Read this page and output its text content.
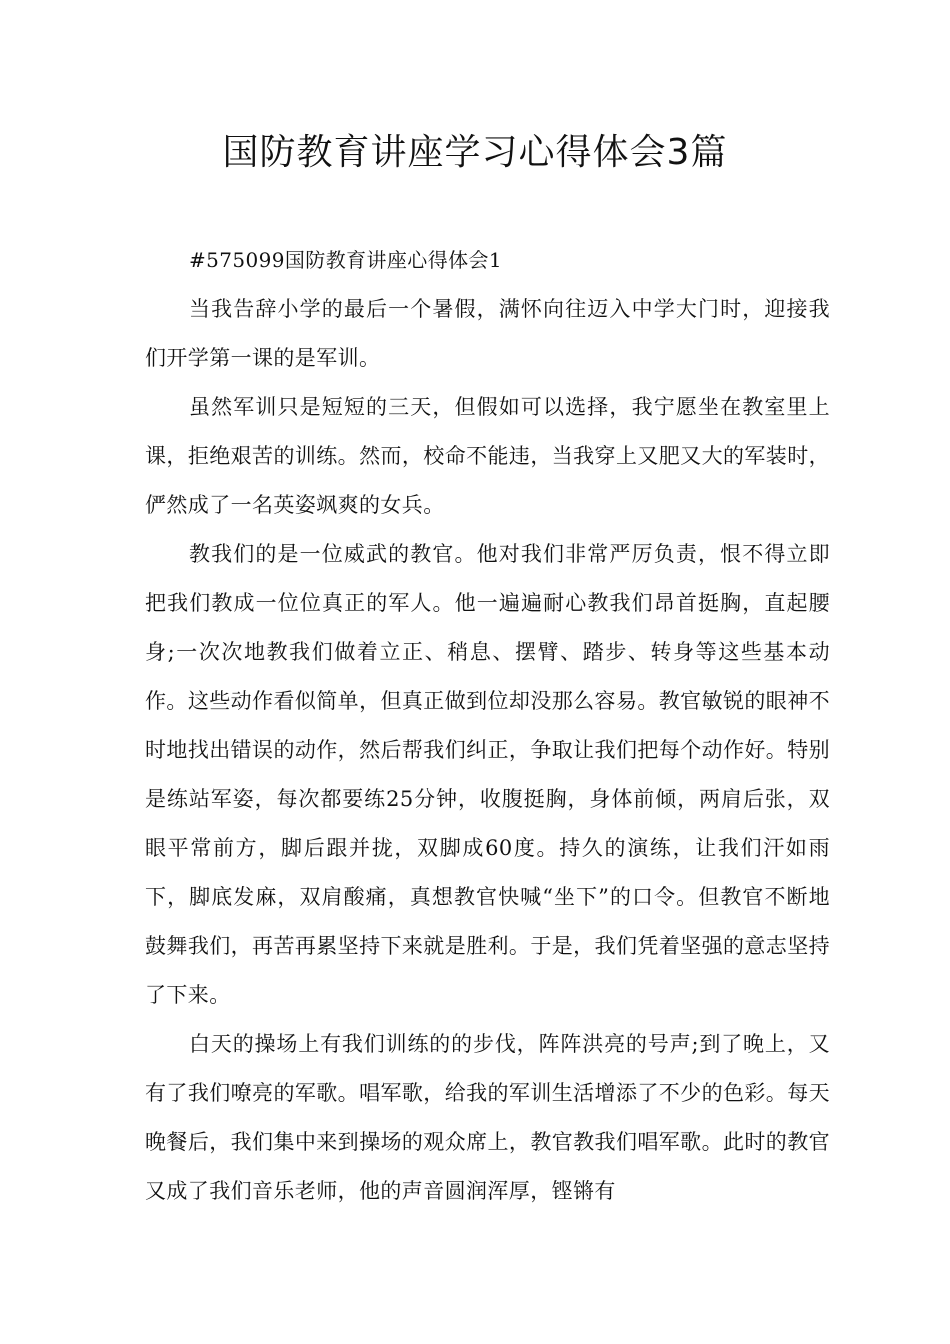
国防教育讲座学习心得体会3篇

#575099国防教育讲座心得体会1

当我告辞小学的最后一个暑假，满怀向往迈入中学大门时，迎接我们开学第一课的是军训。

虽然军训只是短短的三天，但假如可以选择，我宁愿坐在教室里上课，拒绝艰苦的训练。然而，校命不能违，当我穿上又肥又大的军装时，俨然成了一名英姿飒爽的女兵。

教我们的是一位威武的教官。他对我们非常严厉负责，恨不得立即把我们教成一位位真正的军人。他一遍遍耐心教我们昂首挺胸，直起腰身;一次次地教我们做着立正、稍息、摆臂、踏步、转身等这些基本动作。这些动作看似简单，但真正做到位却没那么容易。教官敏锐的眼神不时地找出错误的动作，然后帮我们纠正，争取让我们把每个动作好。特别是练站军姿，每次都要练25分钟，收腹挺胸，身体前倾，两肩后张，双眼平常前方，脚后跟并拢，双脚成60度。持久的演练，让我们汗如雨下，脚底发麻，双肩酸痛，真想教官快喊“坐下”的口令。但教官不断地鼓舞我们，再苦再累坚持下来就是胜利。于是，我们凭着坚强的意志坚持了下来。

白天的操场上有我们训练的的步伐，阵阵洪亮的号声;到了晚上，又有了我们嘹亮的军歌。唱军歌，给我的军训生活增添了不少的色彩。每天晚餐后，我们集中来到操场的观众席上，教官教我们唱军歌。此时的教官又成了我们音乐老师，他的声音圆润浑厚，铿锵有
